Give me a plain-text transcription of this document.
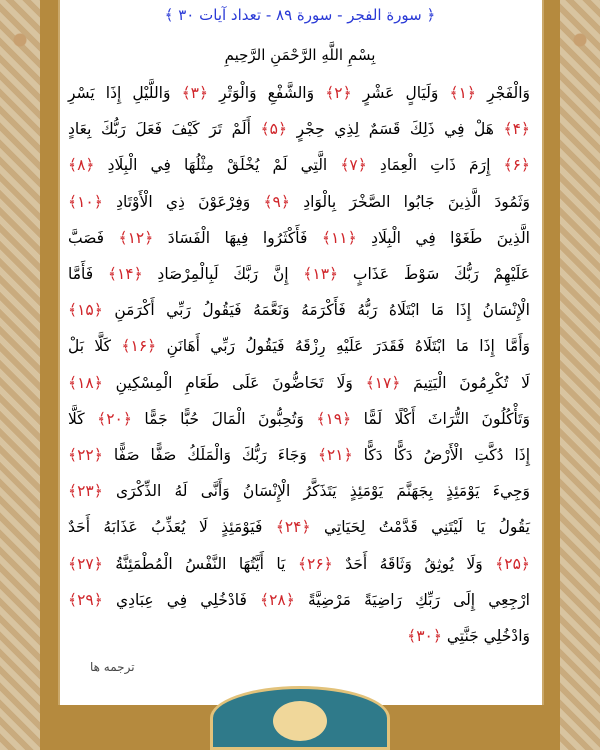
﴿ سورة الفجر - سورة ۸۹ - تعداد آيات ۳۰ ﴾
بِسْمِ اللَّهِ الرَّحْمَنِ الرَّحِيمِ
وَالْفَجْرِ ﴿۱﴾ وَلَيَالٍ عَشْرٍ ﴿۲﴾ وَالشَّفْعِ وَالْوَتْرِ ﴿۳﴾ وَاللَّيْلِ إِذَا يَسْرِ
﴿۴﴾ هَلْ فِي ذَلِكَ قَسَمٌ لِذِي حِجْرٍ ﴿۵﴾ أَلَمْ تَرَ كَيْفَ فَعَلَ رَبُّكَ بِعَادٍ
﴿۶﴾ إِرَمَ ذَاتِ الْعِمَادِ ﴿۷﴾ الَّتِي لَمْ يُخْلَقْ مِثْلُهَا فِي الْبِلَادِ ﴿۸﴾
وَثَمُودَ الَّذِينَ جَابُوا الصَّخْرَ بِالْوَادِ ﴿۹﴾ وَفِرْعَوْنَ ذِي الْأَوْتَادِ ﴿۱۰﴾
الَّذِينَ طَغَوْا فِي الْبِلَادِ ﴿۱۱﴾ فَأَكْثَرُوا فِيهَا الْفَسَادَ ﴿۱۲﴾ فَصَبَّ
عَلَيْهِمْ رَبُّكَ سَوْطَ عَذَابٍ ﴿۱۳﴾ إِنَّ رَبَّكَ لَبِالْمِرْصَادِ ﴿۱۴﴾ فَأَمَّا
الْإِنْسَانُ إِذَا مَا ابْتَلَاهُ رَبُّهُ فَأَكْرَمَهُ وَنَعَّمَهُ فَيَقُولُ رَبِّي أَكْرَمَنِ ﴿۱۵﴾
وَأَمَّا إِذَا مَا ابْتَلَاهُ فَقَدَرَ عَلَيْهِ رِزْقَهُ فَيَقُولُ رَبِّي أَهَانَنِ ﴿۱۶﴾ كَلَّا بَلْ
لَا تُكْرِمُونَ الْيَتِيمَ ﴿۱۷﴾ وَلَا تَحَاضُّونَ عَلَى طَعَامِ الْمِسْكِينِ ﴿۱۸﴾
وَتَأْكُلُونَ التُّرَاثَ أَكْلًا لَمًّا ﴿۱۹﴾ وَتُحِبُّونَ الْمَالَ حُبًّا جَمًّا ﴿۲۰﴾ كَلَّا
إِذَا دُكَّتِ الْأَرْضُ دَكًّا دَكًّا ﴿۲۱﴾ وَجَاءَ رَبُّكَ وَالْمَلَكُ صَفًّا صَفًّا ﴿۲۲﴾
وَجِيءَ يَوْمَئِذٍ بِجَهَنَّمَ يَوْمَئِذٍ يَتَذَكَّرُ الْإِنْسَانُ وَأَنَّى لَهُ الذِّكْرَى ﴿۲۳﴾
يَقُولُ يَا لَيْتَنِي قَدَّمْتُ لِحَيَاتِي ﴿۲۴﴾ فَيَوْمَئِذٍ لَا يُعَذِّبُ عَذَابَهُ أَحَدٌ
﴿۲۵﴾ وَلَا يُوثِقُ وَثَاقَهُ أَحَدٌ ﴿۲۶﴾ يَا أَيَّتُهَا النَّفْسُ الْمُطْمَئِنَّةُ ﴿۲۷﴾
ارْجِعِي إِلَى رَبِّكِ رَاضِيَةً مَرْضِيَّةً ﴿۲۸﴾ فَادْخُلِي فِي عِبَادِي ﴿۲۹﴾
وَادْخُلِي جَنَّتِي ﴿۳۰﴾
ترجمه ها
